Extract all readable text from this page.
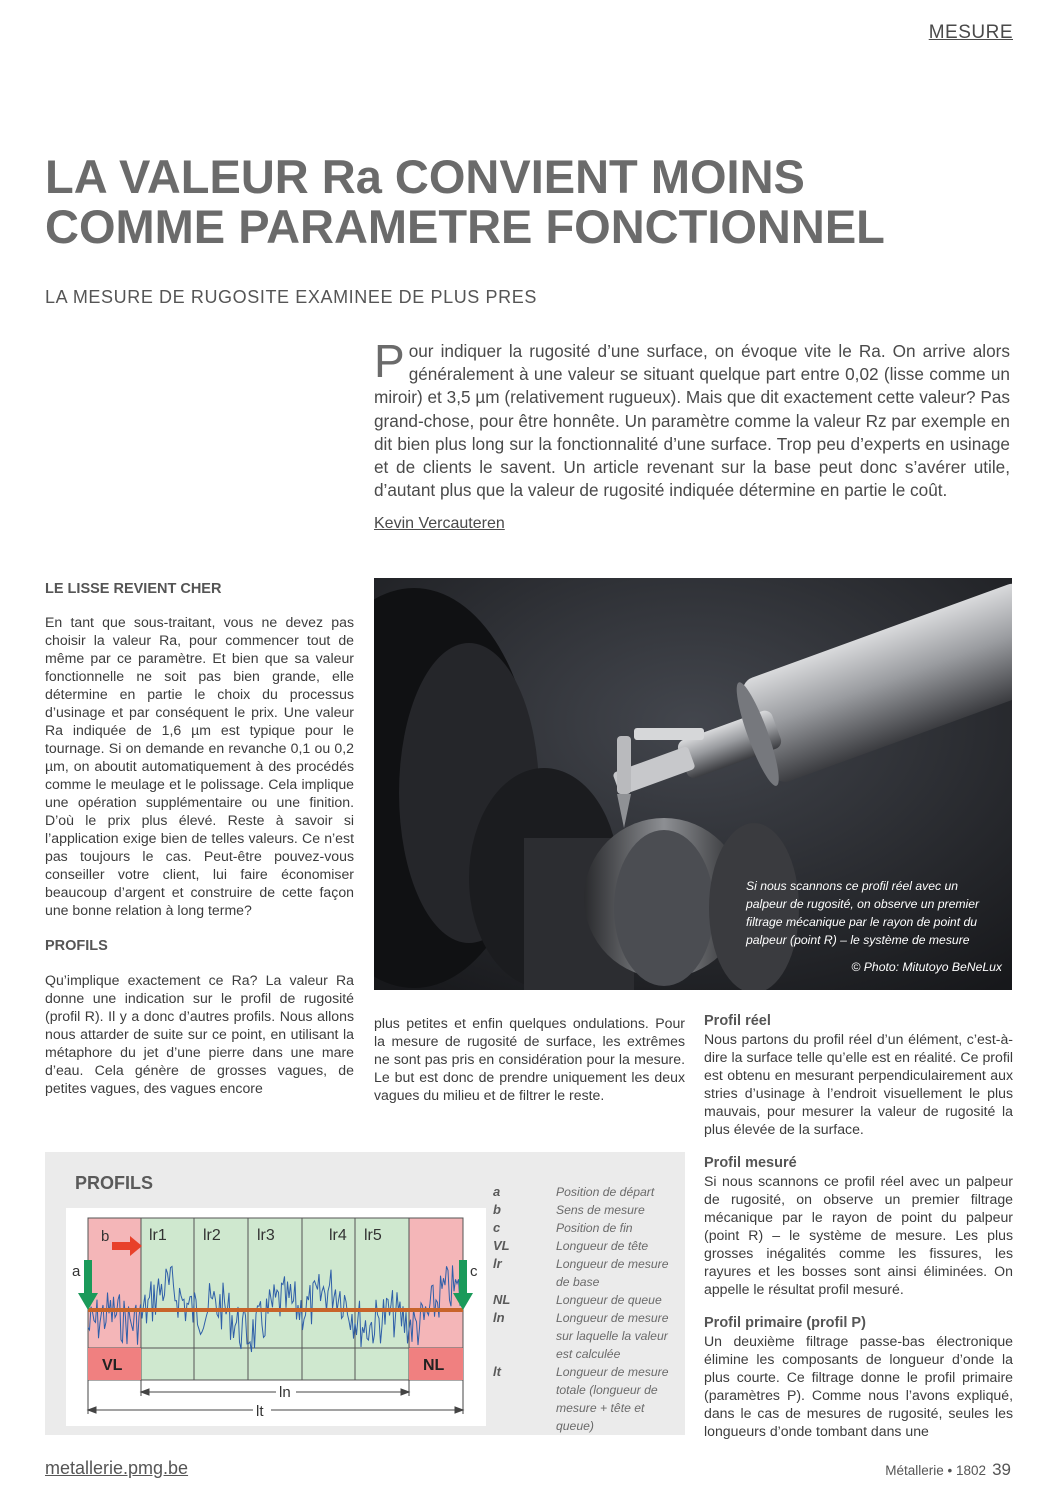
MESURE
LA VALEUR Ra CONVIENT MOINS
COMME PARAMETRE FONCTIONNEL
LA MESURE DE RUGOSITE EXAMINEE DE PLUS PRES
Pour indiquer la rugosité d’une surface, on évoque vite le Ra. On arrive alors généralement à une valeur se situant quelque part entre 0,02 (lisse comme un miroir) et 3,5 µm (relativement rugueux). Mais que dit exactement cette valeur? Pas grand-chose, pour être honnête. Un paramètre comme la valeur Rz par exemple en dit bien plus long sur la fonctionnalité d’une surface. Trop peu d’experts en usinage et de clients le savent. Un article revenant sur la base peut donc s’avérer utile, d’autant plus que la valeur de rugosité indiquée détermine en partie le coût.
Kevin Vercauteren
LE LISSE REVIENT CHER

En tant que sous-traitant, vous ne devez pas choisir la valeur Ra, pour commencer tout de même par ce paramètre. Et bien que sa valeur fonctionnelle ne soit pas bien grande, elle détermine en partie le choix du processus d’usinage et par conséquent le prix. Une valeur Ra indiquée de 1,6 µm est typique pour le tournage. Si on demande en revanche 0,1 ou 0,2 µm, on aboutit automatiquement à des procédés comme le meulage et le polissage. Cela implique une opération supplémentaire ou une finition. D’où le prix plus élevé. Reste à savoir si l’application exige bien de telles valeurs. Ce n’est pas toujours le cas. Peut-être pouvez-vous conseiller votre client, lui faire économiser beaucoup d’argent et construire de cette façon une bonne relation à long terme?

PROFILS

Qu’implique exactement ce Ra? La valeur Ra donne une indication sur le profil de rugosité (profil R). Il y a donc d’autres profils. Nous allons nous attarder de suite sur ce point, en utilisant la métaphore du jet d’une pierre dans une mare d’eau. Cela génère de grosses vagues, de petites vagues, des vagues encore

Si nous scannons ce profil réel avec un palpeur de rugosité, on observe un premier filtrage mécanique par le rayon de point du palpeur (point R) – le système de mesure
© Photo: Mitutoyo BeNeLux

plus petites et enfin quelques ondulations. Pour la mesure de rugosité de surface, les extrêmes ne sont pas pris en considération pour la mesure. Le but est donc de prendre uniquement les deux vagues du milieu et de filtrer le reste.

Profil réel

Nous partons du profil réel d’un élément, c’est-à-dire la surface telle qu’elle est en réalité. Ce profil est obtenu en mesurant perpendiculairement aux stries d’usinage à l’endroit visuellement le plus mauvais, pour mesurer la valeur de rugosité la plus élevée de la surface.

Profil mesuré

Si nous scannons ce profil réel avec un palpeur de rugosité, on observe un premier filtrage mécanique par le rayon de point du palpeur (point R) – le système de mesure. Les plus grosses inégalités comme les fissures, les rayures et les bosses sont ainsi éliminées. On appelle le résultat profil mesuré.

Profil primaire (profil P)

Un deuxième filtrage passe-bas électronique élimine les composants de longueur d’onde la plus courte. Ce filtrage donne le profil primaire (paramètres P). Comme nous l’avons expliqué, dans le cas de mesures de rugosité, seules les longueurs d’onde tombant dans une

PROFILS
b
a	c
lr1 lr2 lr3	lr4 lr5
VL	NL
ln
lt
a	Position de départ
b	Sens de mesure
c	Position de fin
VL	Longueur de tête
lr	Longueur de mesure de base
NL	Longueur de queue
ln	Longueur de mesure sur laquelle la valeur est calculée
lt	Longueur de mesure totale (longueur de mesure + tête et queue)
metallerie.pmg.be	Métallerie • 1802 39
